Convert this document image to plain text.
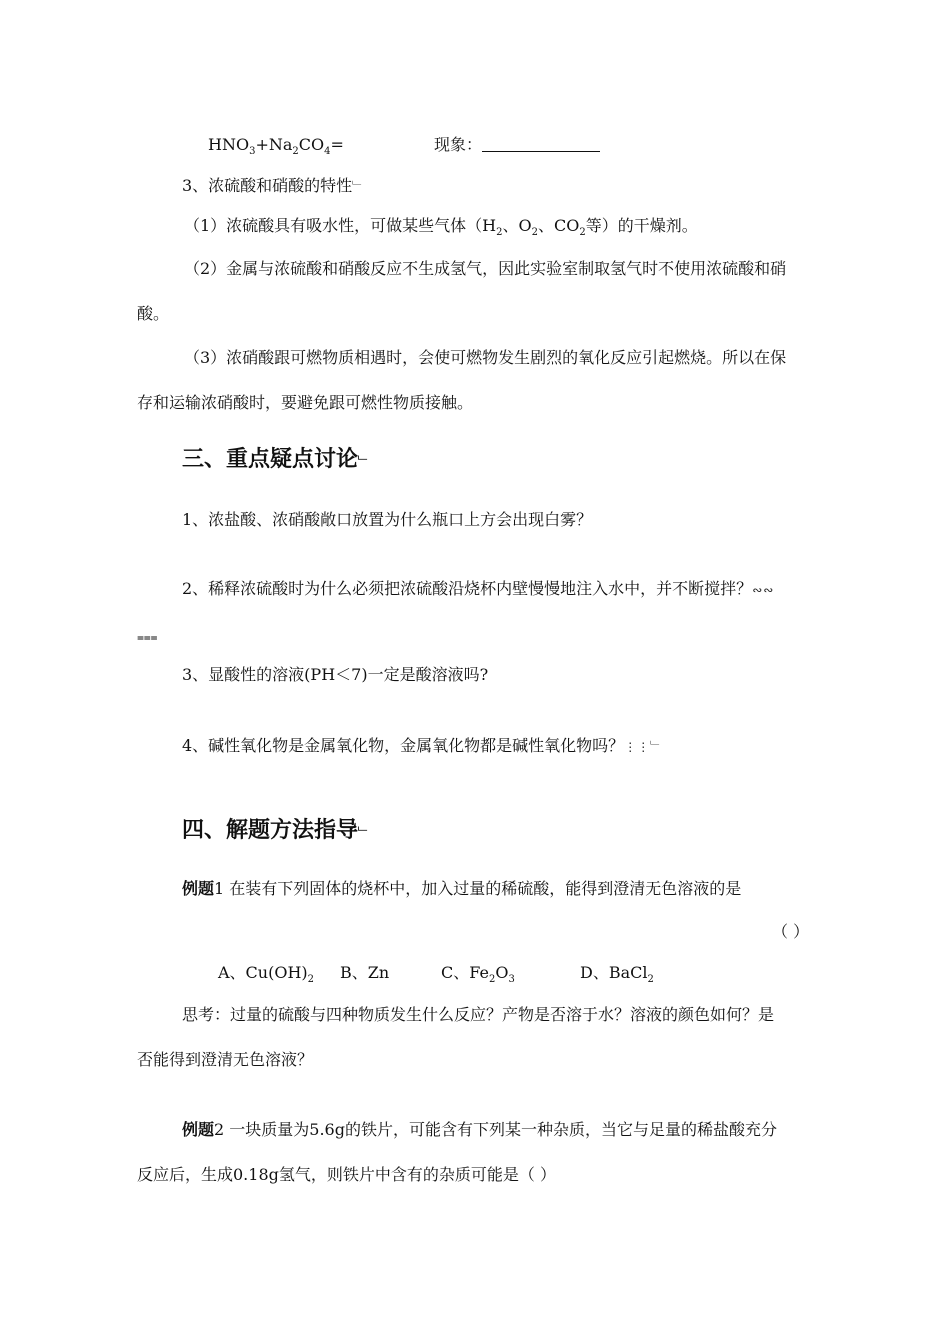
$HNO_3+Na_2CO_4=$	现象：
3、浓硫酸和硝酸的特性﹂
（1）浓硫酸具有吸水性，可做某些气体（$H_2$、$O_2$、$CO_2$等）的干燥剂。
（2）金属与浓硫酸和硝酸反应不生成氢气，因此实验室制取氢气时不使用浓硫酸和硝
酸。
（3）浓硝酸跟可燃物质相遇时，会使可燃物发生剧烈的氧化反应引起燃烧。所以在保
存和运输浓硝酸时，要避免跟可燃性物质接触。
三、重点疑点讨论﹂
1、浓盐酸、浓硝酸敞口放置为什么瓶口上方会出现白雾？
2、稀释浓硫酸时为什么必须把浓硫酸沿烧杯内壁慢慢地注入水中，并不断搅拌？∾∾
⩶
3、显酸性的溶液(PH＜7)一定是酸溶液吗?
4、碱性氧化物是金属氧化物，金属氧化物都是碱性氧化物吗？⋮⋮﹂
四、解题方法指导﹂
例题1 在装有下列固体的烧杯中，加入过量的稀硫酸，能得到澄清无色溶液的是
（ ）
A、$Cu(OH)_2$ B、Zn	C、$Fe_2O_3$	D、BaCl$_2$
思考：过量的硫酸与四种物质发生什么反应？产物是否溶于水？溶液的颜色如何？是
否能得到澄清无色溶液？
例题2 一块质量为5.6g的铁片，可能含有下列某一种杂质，当它与足量的稀盐酸充分
反应后，生成0.18g氢气，则铁片中含有的杂质可能是（ ）
